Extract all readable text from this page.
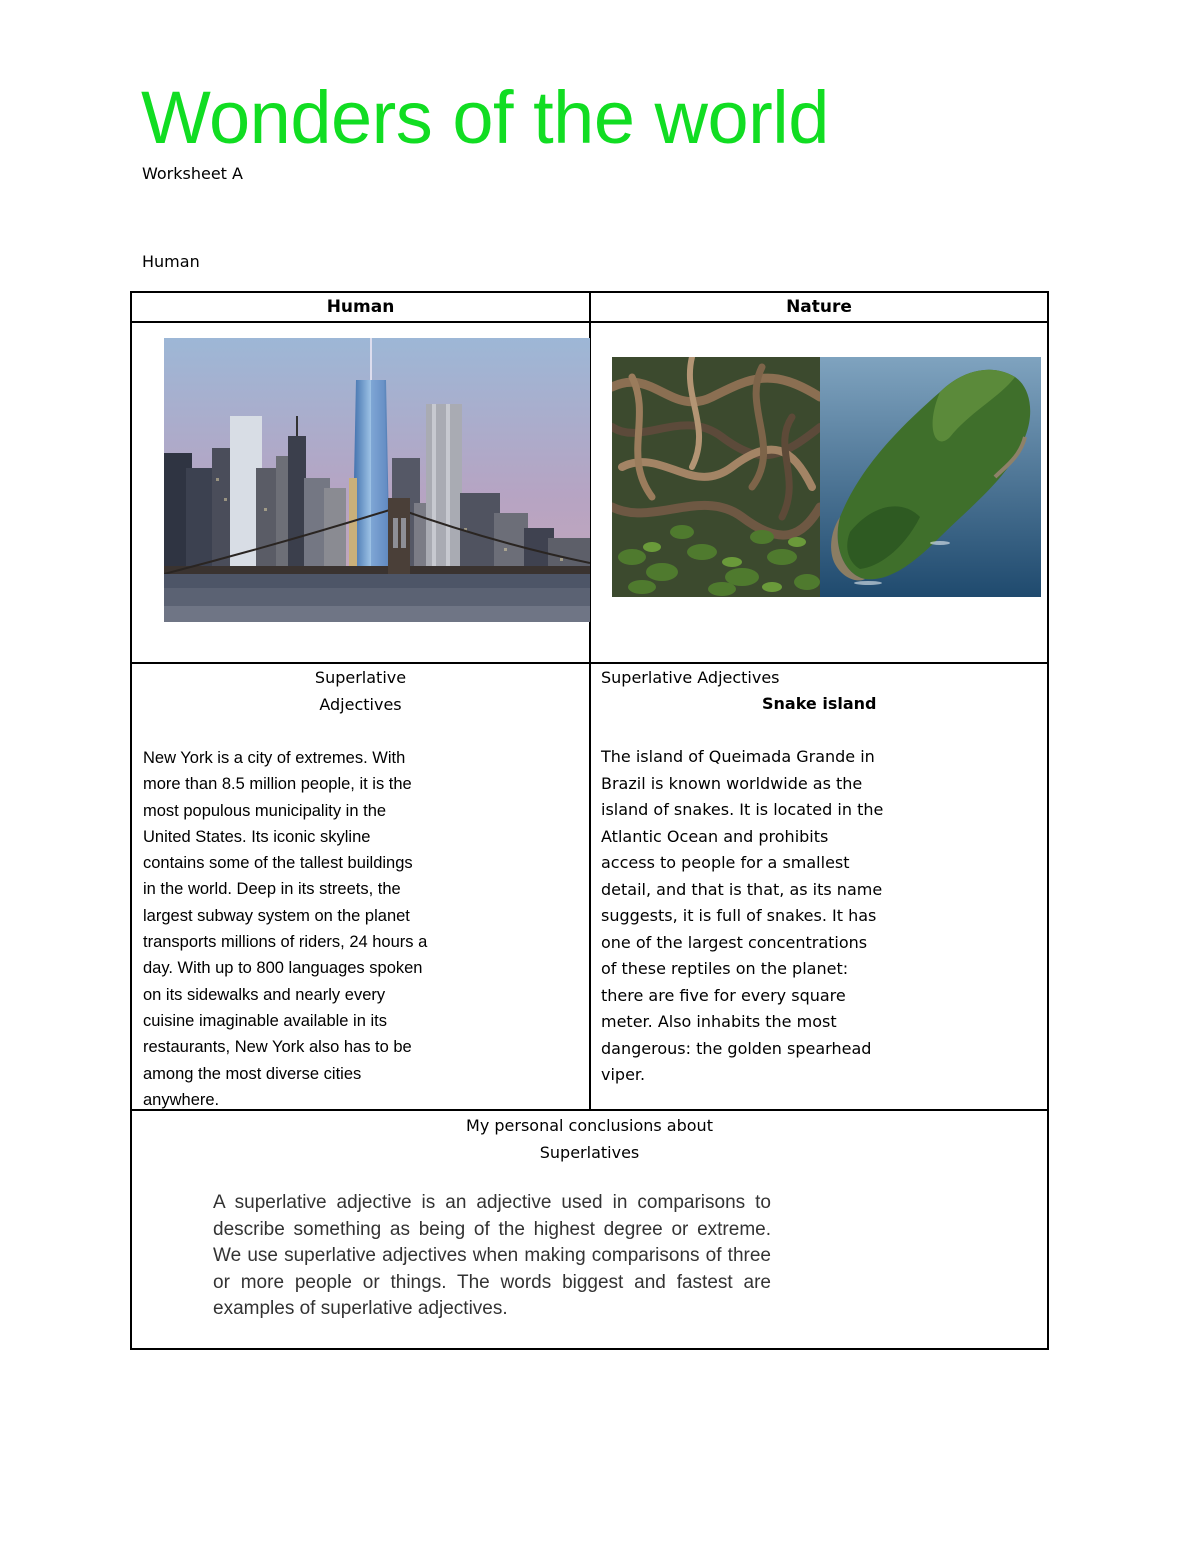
Wonders of the world
Worksheet A
Human
Human	Nature
Superlative
Adjectives
New York is a city of extremes. With
more than 8.5 million people, it is the
most populous municipality in the
United States. Its iconic skyline
contains some of the tallest buildings
in the world. Deep in its streets, the
largest subway system on the planet
transports millions of riders, 24 hours a
day. With up to 800 languages spoken
on its sidewalks and nearly every
cuisine imaginable available in its
restaurants, New York also has to be
among the most diverse cities
anywhere.
Superlative Adjectives
Snake island
The island of Queimada Grande in
Brazil is known worldwide as the
island of snakes. It is located in the
Atlantic Ocean and prohibits
access to people for a smallest
detail, and that is that, as its name
suggests, it is full of snakes. It has
one of the largest concentrations
of these reptiles on the planet:
there are five for every square
meter. Also inhabits the most
dangerous: the golden spearhead
viper.
My personal conclusions about
Superlatives
A superlative adjective is an adjective used in comparisons to describe something as being of the highest degree or extreme. We use superlative adjectives when making comparisons of three or more people or things. The words biggest and fastest are examples of superlative adjectives.
